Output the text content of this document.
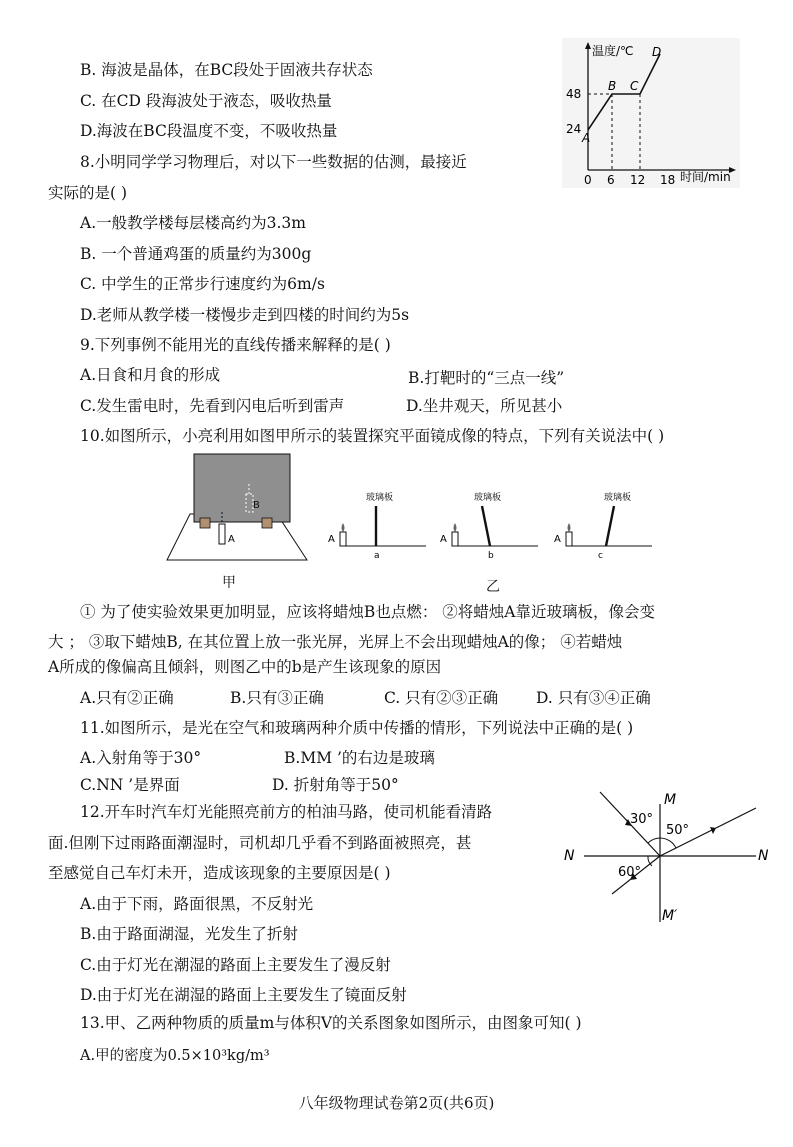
B. 海波是晶体，在BC段处于固液共存状态
C. 在CD 段海波处于液态，吸收热量
D.海波在BC段温度不变，不吸收热量
温度/℃
时间/min
48
24
0 6 12 18
A
B C
D
8.小明同学学习物理后，对以下一些数据的估测，最接近
实际的是( )
A.一般教学楼每层楼高约为3.3m
B. 一个普通鸡蛋的质量约为300g
C. 中学生的正常步行速度约为6m/s
D.老师从教学楼一楼慢步走到四楼的时间约为5s
9.下列事例不能用光的直线传播来解释的是( )
A.日食和月食的形成	B.打靶时的“三点一线”
C.发生雷电时，先看到闪电后听到雷声	D.坐井观天，所见甚小
10.如图所示，小亮利用如图甲所示的装置探究平面镜成像的特点，下列有关说法中( )
B
A
甲
A
玻璃板
a
A
玻璃板
b
A
玻璃板
c
乙
① 为了使实验效果更加明显，应该将蜡烛B也点燃： ②将蜡烛A靠近玻璃板，像会变
大 ； ③取下蜡烛B, 在其位置上放一张光屏，光屏上不会出现蜡烛A的像； ④若蜡烛
A所成的像偏高且倾斜，则图乙中的b是产生该现象的原因
A.只有②正确	B.只有③正确	C. 只有②③正确 D. 只有③④正确
11.如图所示，是光在空气和玻璃两种介质中传播的情形，下列说法中正确的是( )
A.入射角等于30°	B.MM ’的右边是玻璃
C.NN ’是界面	D. 折射角等于50°
M
M′
N	N
30°
50°
60°
12.开车时汽车灯光能照亮前方的柏油马路，使司机能看清路
面.但刚下过雨路面潮湿时，司机却几乎看不到路面被照亮，甚
至感觉自己车灯未开，造成该现象的主要原因是( )
A.由于下雨，路面很黑，不反射光
B.由于路面湖湿，光发生了折射
C.由于灯光在潮湿的路面上主要发生了漫反射
D.由于灯光在湖湿的路面上主要发生了镜面反射
13.甲、乙两种物质的质量m与体积V的关系图象如图所示，由图象可知( )
A.甲的密度为0.5×10³kg/m³
八年级物理试卷第2页(共6页)
